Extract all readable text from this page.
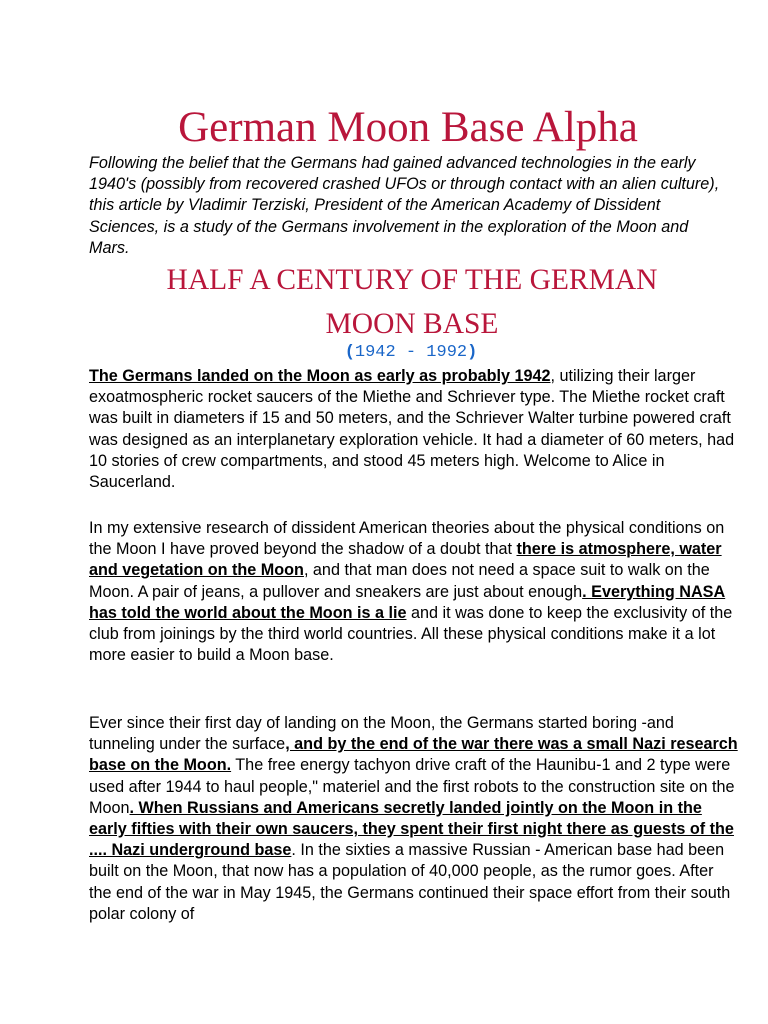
German Moon Base Alpha

Following the belief that the Germans had gained advanced technologies in the early 1940's (possibly from recovered crashed UFOs or through contact with an alien culture), this article by Vladimir Terziski, President of the American Academy of Dissident Sciences, is a study of the Germans involvement in the exploration of the Moon and Mars.

HALF A CENTURY OF THE GERMAN
MOON BASE
(1942 - 1992)

The Germans landed on the Moon as early as probably 1942, utilizing their larger exoatmospheric rocket saucers of the Miethe and Schriever type. The Miethe rocket craft was built in diameters if 15 and 50 meters, and the Schriever Walter turbine powered craft was designed as an interplanetary exploration vehicle. It had a diameter of 60 meters, had 10 stories of crew compartments, and stood 45 meters high. Welcome to Alice in Saucerland.

In my extensive research of dissident American theories about the physical conditions on the Moon I have proved beyond the shadow of a doubt that there is atmosphere, water and vegetation on the Moon, and that man does not need a space suit to walk on the Moon. A pair of jeans, a pullover and sneakers are just about enough. Everything NASA has told the world about the Moon is a lie and it was done to keep the exclusivity of the club from joinings by the third world countries. All these physical conditions make it a lot more easier to build a Moon base.

Ever since their first day of landing on the Moon, the Germans started boring -and tunneling under the surface, and by the end of the war there was a small Nazi research base on the Moon. The free energy tachyon drive craft of the Haunibu-1 and 2 type were used after 1944 to haul people," materiel and the first robots to the construction site on the Moon. When Russians and Americans secretly landed jointly on the Moon in the early fifties with their own saucers, they spent their first night there as guests of the .... Nazi underground base. In the sixties a massive Russian - American base had been built on the Moon, that now has a population of 40,000 people, as the rumor goes. After the end of the war in May 1945, the Germans continued their space effort from their south polar colony of
